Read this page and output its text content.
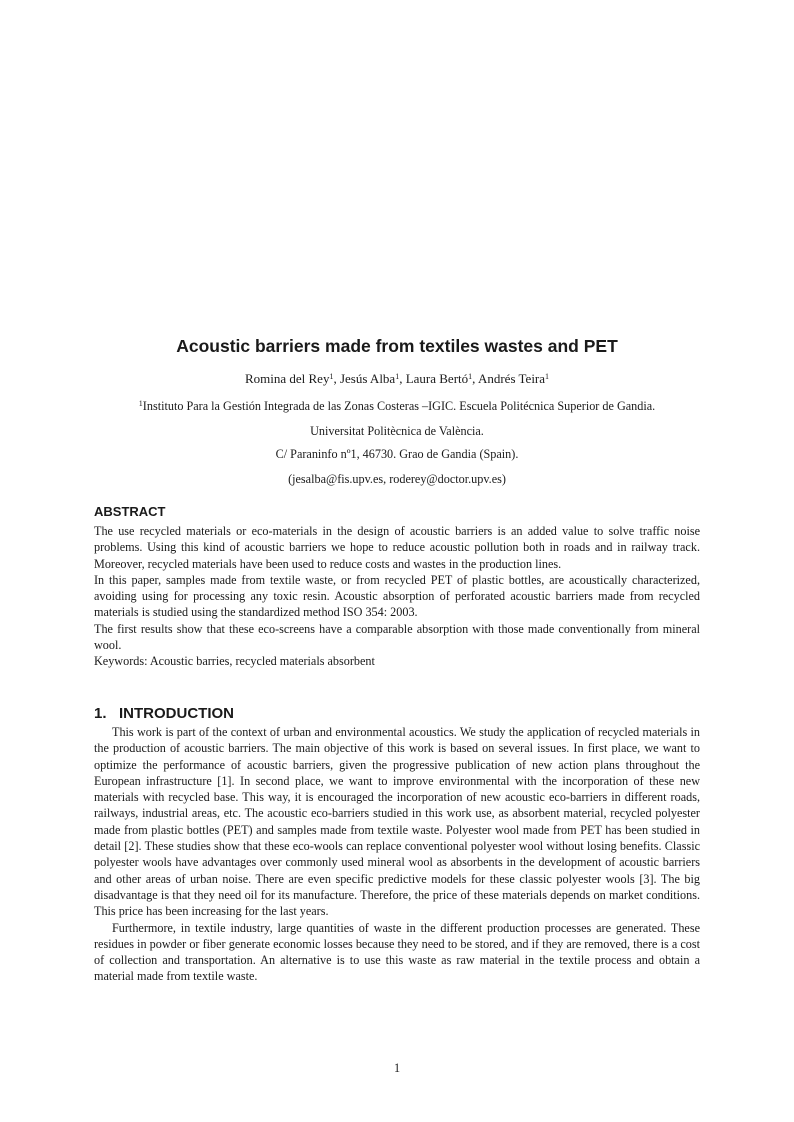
Acoustic barriers made from textiles wastes and PET

Romina del Rey$^1$, Jesús Alba$^1$, Laura Bertó$^1$, Andrés Teira$^1$

$^1$Instituto Para la Gestión Integrada de las Zonas Costeras –IGIC. Escuela Politécnica Superior de Gandia.

Universitat Politècnica de València.

C/ Paraninfo nº1, 46730. Grao de Gandia (Spain).

(jesalba@fis.upv.es, roderey@doctor.upv.es)

ABSTRACT

The use recycled materials or eco-materials in the design of acoustic barriers is an added value to solve traffic noise problems. Using this kind of acoustic barriers we hope to reduce acoustic pollution both in roads and in railway track. Moreover, recycled materials have been used to reduce costs and wastes in the production lines.

In this paper, samples made from textile waste, or from recycled PET of plastic bottles, are acoustically characterized, avoiding using for processing any toxic resin. Acoustic absorption of perforated acoustic barriers made from recycled materials is studied using the standardized method ISO 354: 2003.

The first results show that these eco-screens have a comparable absorption with those made conventionally from mineral wool.

Keywords: Acoustic barries, recycled materials absorbent

1. INTRODUCTION

This work is part of the context of urban and environmental acoustics. We study the application of recycled materials in the production of acoustic barriers. The main objective of this work is based on several issues. In first place, we want to optimize the performance of acoustic barriers, given the progressive publication of new action plans throughout the European infrastructure [1]. In second place, we want to improve environmental with the incorporation of these new materials with recycled base. This way, it is encouraged the incorporation of new acoustic eco-barriers in different roads, railways, industrial areas, etc. The acoustic eco-barriers studied in this work use, as absorbent material, recycled polyester made from plastic bottles (PET) and samples made from textile waste. Polyester wool made from PET has been studied in detail [2]. These studies show that these eco-wools can replace conventional polyester wool without losing benefits. Classic polyester wools have advantages over commonly used mineral wool as absorbents in the development of acoustic barriers and other areas of urban noise. There are even specific predictive models for these classic polyester wools [3]. The big disadvantage is that they need oil for its manufacture. Therefore, the price of these materials depends on market conditions. This price has been increasing for the last years.

Furthermore, in textile industry, large quantities of waste in the different production processes are generated. These residues in powder or fiber generate economic losses because they need to be stored, and if they are removed, there is a cost of collection and transportation. An alternative is to use this waste as raw material in the textile process and obtain a material made from textile waste.

1
